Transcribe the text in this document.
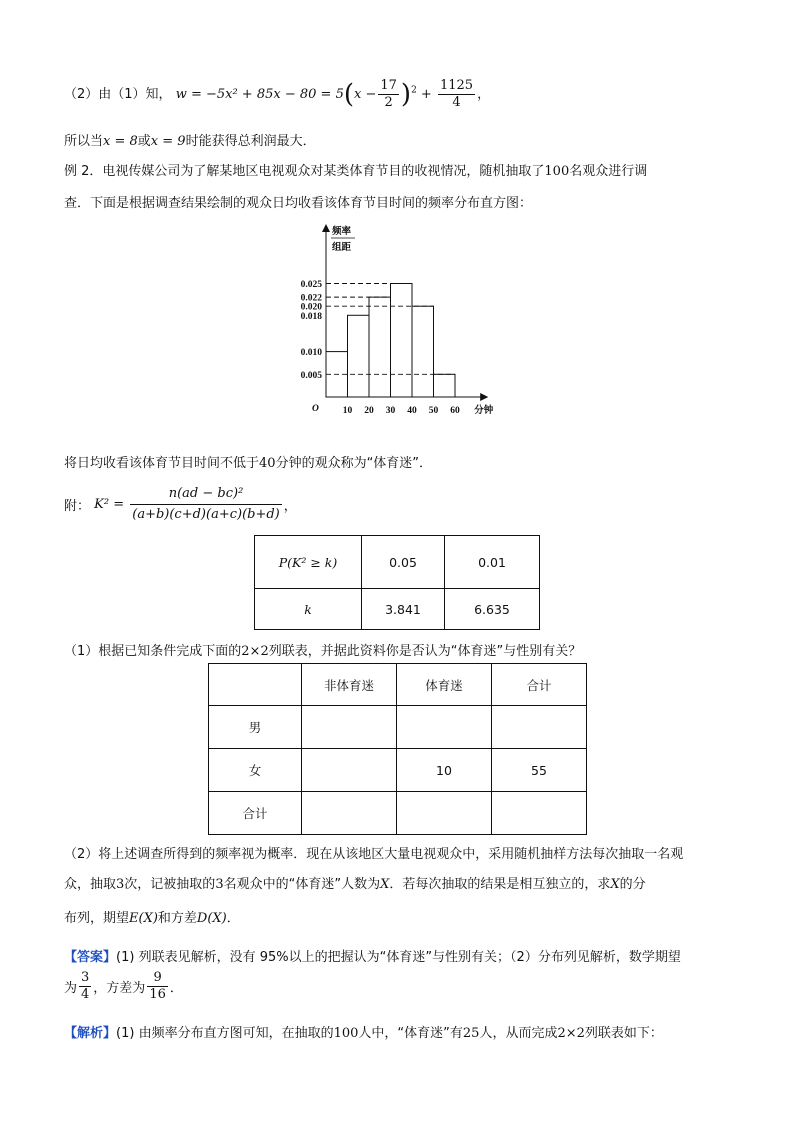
（2）由（1）知， $w = -5x^2 + 85x - 80 = 5(x - \frac{17}{2} )^2 + \frac{1125}{4}$ ，
所以当x = 8或x = 9时能获得总利润最大．
例 2．电视传媒公司为了解某地区电视观众对某类体育节目的收视情况，随机抽取了100名观众进行调
查．下面是根据调查结果绘制的观众日均收看该体育节目时间的频率分布直方图：
0.025
0.022
0.020
0.018
0.010
0.005
10 20 30 40 50 60
O	分钟
频率
组距
将日均收看该体育节目时间不低于40分钟的观众称为“体育迷”．
附： $K^2 = \frac{\text{n(ad − bc)²}}{(a+b)(c+d)(a+c)(b+d)}$ ，
P(K² ≥ k)	0.05	0.01
k	3.841	6.635
（1）根据已知条件完成下面的2×2列联表，并据此资料你是否认为“体育迷”与性别有关？
	非体育迷	体育迷	合计
男			
女		10	55
合计			
（2）将上述调查所得到的频率视为概率．现在从该地区大量电视观众中，采用随机抽样方法每次抽取一名观
众，抽取3次，记被抽取的3名观众中的“体育迷”人数为X．若每次抽取的结果是相互独立的，求X的分
布列，期望E(X)和方差D(X)．
【答案】(1) 列联表见解析，没有 95%以上的把握认为“体育迷”与性别有关；（2）分布列见解析，数学期望
为 $\frac{3}{4}$ ，方差为 $\frac{9}{16}$ ．
【解析】(1) 由频率分布直方图可知，在抽取的100人中，“体育迷”有25人，从而完成2×2列联表如下：
